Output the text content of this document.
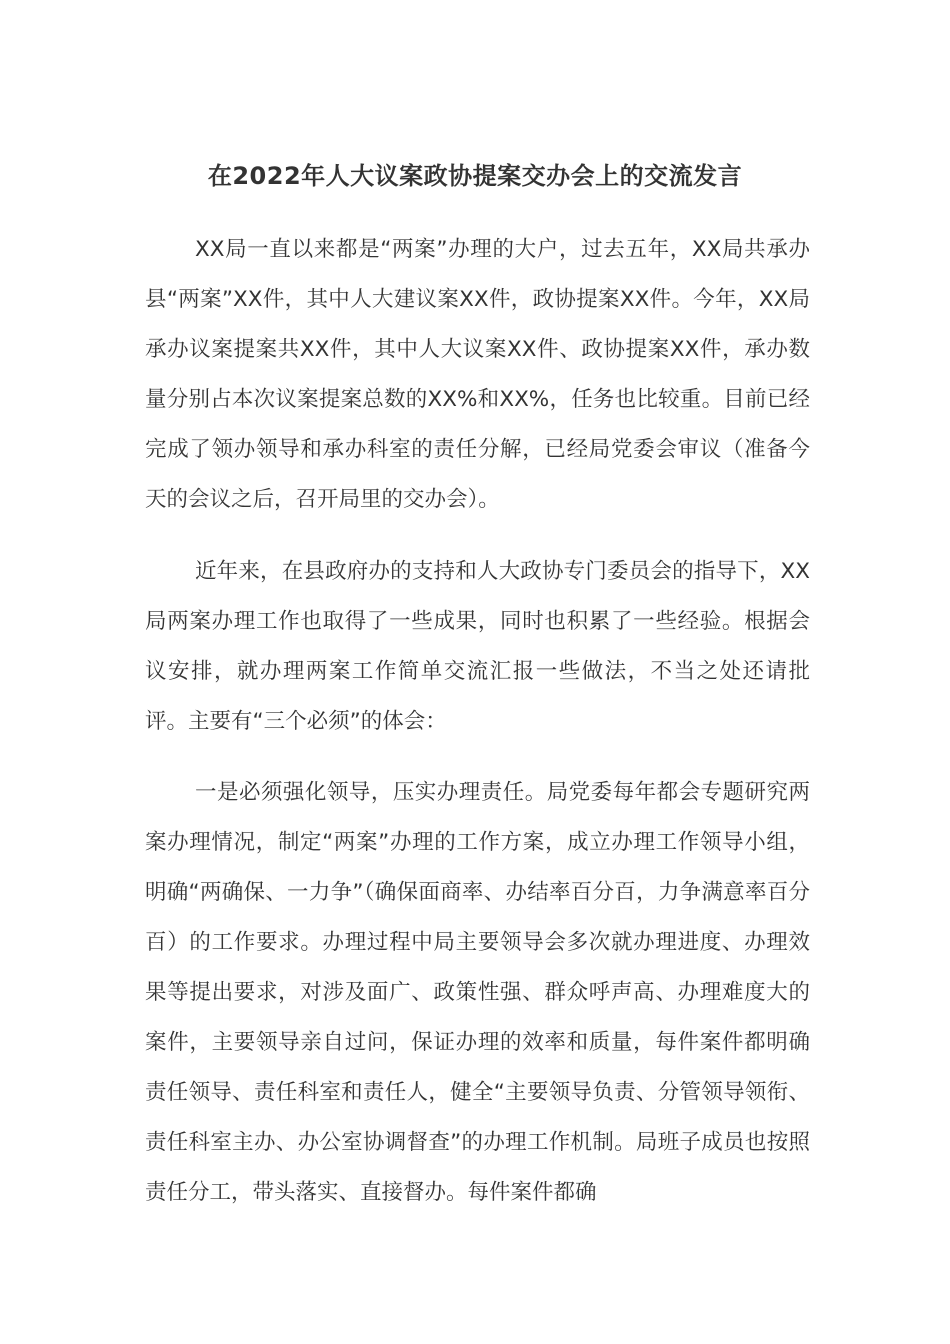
在2022年人大议案政协提案交办会上的交流发言

XX局一直以来都是“两案”办理的大户，过去五年，XX局共承办县“两案”XX件，其中人大建议案XX件，政协提案XX件。今年，XX局承办议案提案共XX件，其中人大议案XX件、政协提案XX件，承办数量分别占本次议案提案总数的XX%和XX%，任务也比较重。目前已经完成了领办领导和承办科室的责任分解，已经局党委会审议（准备今天的会议之后，召开局里的交办会）。

近年来，在县政府办的支持和人大政协专门委员会的指导下，XX局两案办理工作也取得了一些成果，同时也积累了一些经验。根据会议安排，就办理两案工作简单交流汇报一些做法，不当之处还请批评。主要有“三个必须”的体会：

一是必须强化领导，压实办理责任。局党委每年都会专题研究两案办理情况，制定“两案”办理的工作方案，成立办理工作领导小组，明确“两确保、一力争”（确保面商率、办结率百分百，力争满意率百分百）的工作要求。办理过程中局主要领导会多次就办理进度、办理效果等提出要求，对涉及面广、政策性强、群众呼声高、办理难度大的案件，主要领导亲自过问，保证办理的效率和质量，每件案件都明确责任领导、责任科室和责任人，健全“主要领导负责、分管领导领衔、责任科室主办、办公室协调督查”的办理工作机制。局班子成员也按照责任分工，带头落实、直接督办。每件案件都确
